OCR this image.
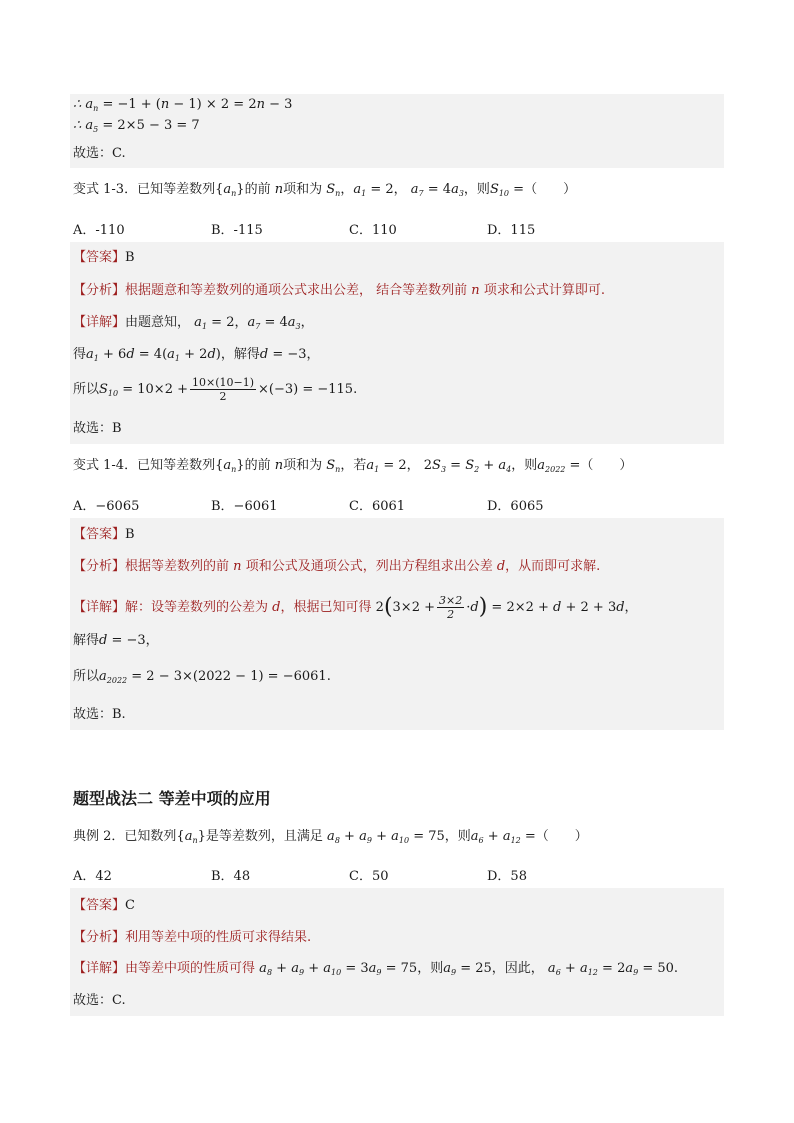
∴ $a_n = -1 + (n - 1) \times 2 = 2n - 3$
∴ $a_5 = 2\times 5 - 3 = 7$
故选：C.
变式 1-3．已知等差数列$\{a_n\}$的前 n项和为 $S_n$，$a_1 = 2$， $a_7 = 4a_3$，则$S_{10}$ =（　　）
A．-110	B．-115	C．110	D．115
【答案】B
【分析】根据题意和等差数列的通项公式求出公差， 结合等差数列前 n 项求和公式计算即可.
【详解】由题意知， $a_1 = 2$，$a_7 = 4a_3$，
得$a_1 + 6d = 4(a_1 + 2d)$，解得d = −3，
所以$S_{10} = 10\times 2 + \frac{10\times(10-1)}{2} \times(-3) = -115$.
故选：B
变式 1-4．已知等差数列$\{a_n\}$的前 n项和为 $S_n$，若$a_1 = 2$， $2S_3 = S_2 + a_4$，则$a_{2022}$ =（　　）
A．−6065	B．−6061	C．6061	D．6065
【答案】B
【分析】根据等差数列的前 n 项和公式及通项公式，列出方程组求出公差 d，从而即可求解.
【详解】解：设等差数列的公差为 d，根据已知可得 $2(3\times 2 + \frac{3\times 2}{2} \cdot d) = 2\times 2 + d + 2 + 3d$，
解得d = −3，
所以$a_{2022} = 2 - 3\times(2022 - 1) = -6061$.
故选：B.
题型战法二 等差中项的应用
典例 2．已知数列$\{a_n\}$是等差数列，且满足 $a_8 + a_9 + a_{10} = 75$，则$a_6 + a_{12}$ =（　　）
A．42	B．48	C．50	D．58
【答案】C
【分析】利用等差中项的性质可求得结果.
【详解】由等差中项的性质可得 $a_8 + a_9 + a_{10} = 3a_9 = 75$，则$a_9 = 25$，因此， $a_6 + a_{12} = 2a_9 = 50$.
故选：C.
